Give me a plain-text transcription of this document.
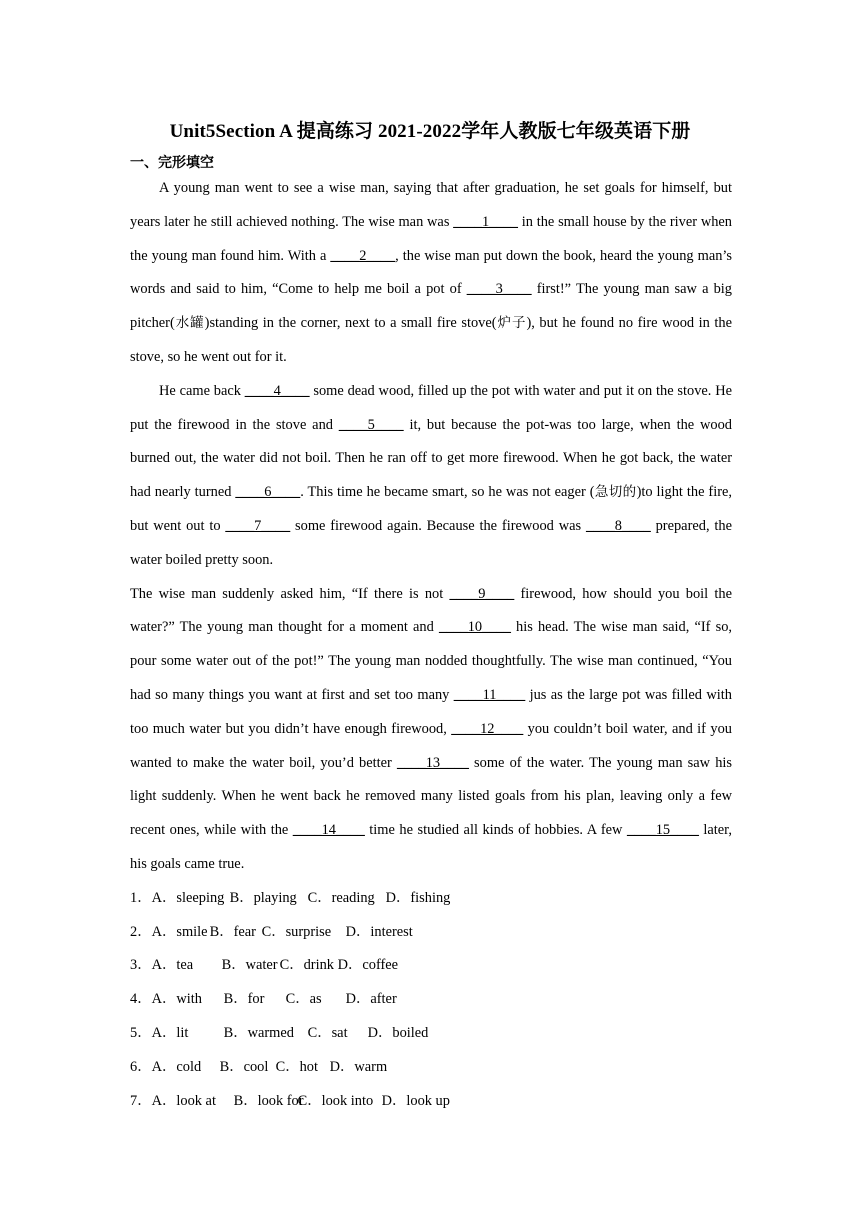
Unit5Section A 提高练习 2021-2022学年人教版七年级英语下册
一、完形填空

A young man went to see a wise man, saying that after graduation, he set goals for himself, but years later he still achieved nothing. The wise man was ____1____ in the small house by the river when the young man found him. With a ____2____, the wise man put down the book, heard the young man’s words and said to him, “Come to help me boil a pot of ____3____ first!” The young man saw a big pitcher(水罐)standing in the corner, next to a small fire stove(炉子), but he found no fire wood in the stove, so he went out for it.

He came back ____4____ some dead wood, filled up the pot with water and put it on the stove. He put the firewood in the stove and ____5____ it, but because the pot-was too large, when the wood burned out, the water did not boil. Then he ran off to get more firewood. When he got back, the water had nearly turned ____6____. This time he became smart, so he was not eager (急切的)to light the fire, but went out to ____7____ some firewood again. Because the firewood was ____8____ prepared, the water boiled pretty soon.

The wise man suddenly asked him, “If there is not ____9____ firewood, how should you boil the water?” The young man thought for a moment and ____10____ his head. The wise man said, “If so, pour some water out of the pot!” The young man nodded thoughtfully. The wise man continued, “You had so many things you want at first and set too many ____11____ jus as the large pot was filled with too much water but you didn’t have enough firewood, ____12____ you couldn’t boil water, and if you wanted to make the water boil, you’d better ____13____ some of the water. The young man saw his light suddenly. When he went back he removed many listed goals from his plan, leaving only a few recent ones, while with the ____14____ time he studied all kinds of hobbies. A few ____15____ later, his goals came true.

1．A．sleeping B．playing C．reading D．fishing
2．A．smile B．fear C．surprise D．interest
3．A．tea B．water C．drink D．coffee
4．A．with B．for C．as D．after
5．A．lit B．warmed C．sat D．boiled
6．A．cold B．cool C．hot D．warm
7．A．look at B．look forC．look into D．look up
